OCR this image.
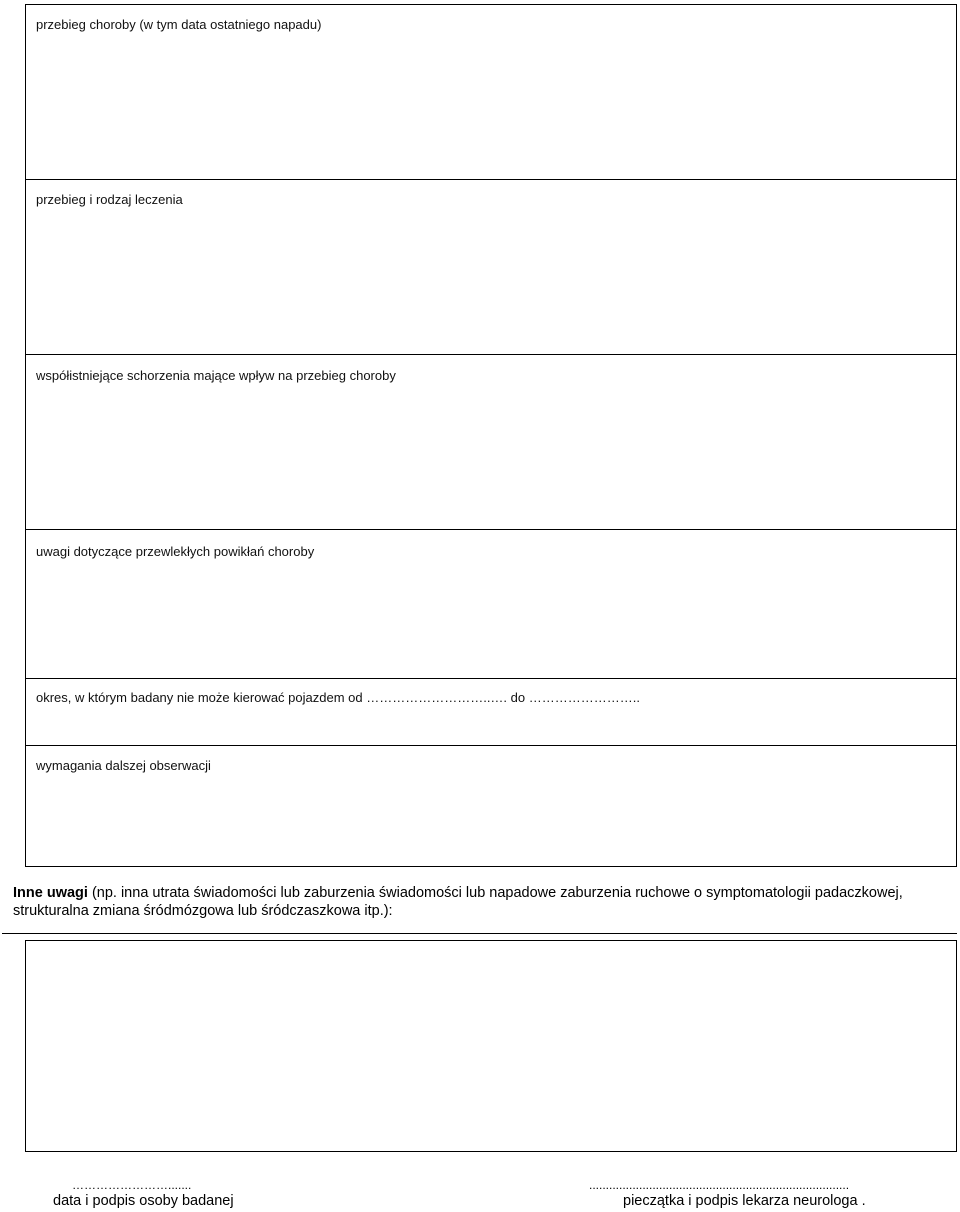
przebieg choroby (w tym data ostatniego napadu)
przebieg i rodzaj leczenia
współistniejące schorzenia mające wpływ na przebieg choroby
uwagi dotyczące przewlekłych powikłań choroby
okres, w którym badany nie może kierować pojazdem od ………………………..…. do ……………………..
wymagania dalszej obserwacji
Inne uwagi (np. inna utrata świadomości lub zaburzenia świadomości lub napadowe zaburzenia ruchowe o symptomatologii padaczkowej, strukturalna zmiana śródmózgowa lub śródczaszkowa itp.):
…………………….......
data i podpis osoby badanej
..............................................................................
pieczątka i podpis lekarza neurologa .
